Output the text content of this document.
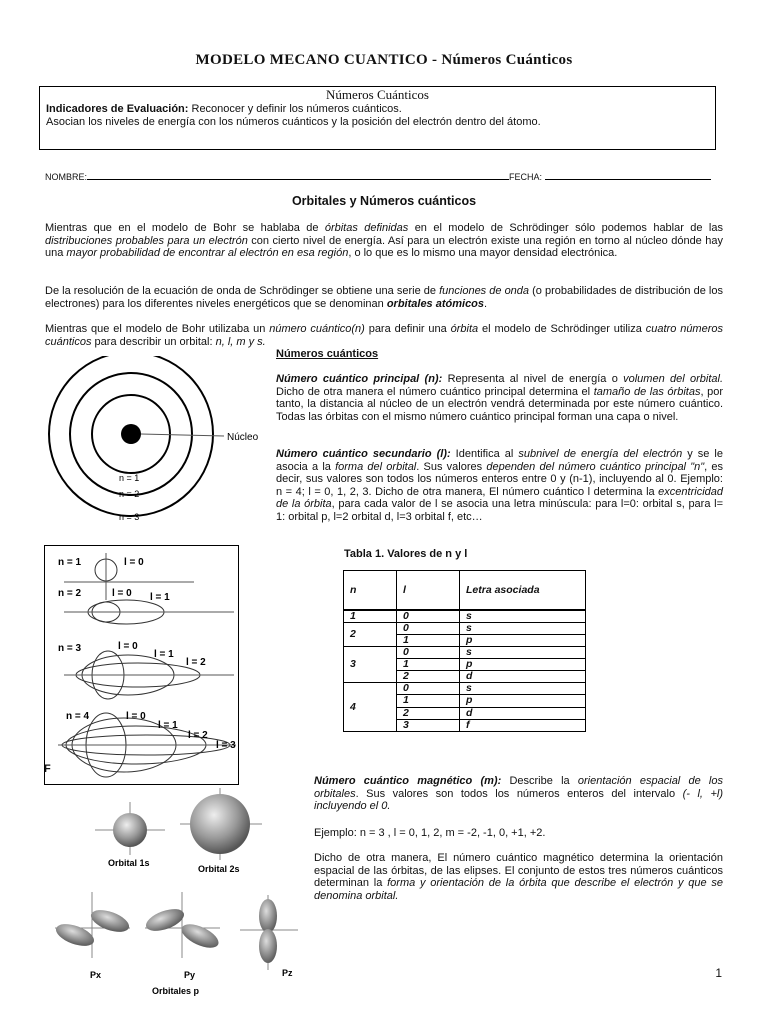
MODELO MECANO CUANTICO - Números Cuánticos
Números Cuánticos
Indicadores de Evaluación: Reconocer y definir los números cuánticos.
Asocian los niveles de energía con los números cuánticos y la posición del electrón dentro del átomo.
NOMBRE:	FECHA:
Orbitales y Números cuánticos
Mientras que en el modelo de Bohr se hablaba de órbitas definidas en el modelo de Schrödinger sólo podemos hablar de las distribuciones probables para un electrón con cierto nivel de energía. Así para un electrón existe una región en torno al núcleo dónde hay una mayor probabilidad de encontrar al electrón en esa región, o lo que es lo mismo una mayor densidad electrónica.
De la resolución de la ecuación de onda de Schrödinger se obtiene una serie de funciones de onda (o probabilidades de distribución de los electrones) para los diferentes niveles energéticos que se denominan orbitales atómicos.
Mientras que el modelo de Bohr utilizaba un número cuántico(n) para definir una órbita el modelo de Schrödinger utiliza cuatro números cuánticos para describir un orbital: n, l, m y s.
Números cuánticos
Número cuántico principal (n): Representa al nivel de energía o volumen del orbital. Dicho de otra manera el número cuántico principal determina el tamaño de las órbitas, por tanto, la distancia al núcleo de un electrón vendrá determinada por este número cuántico. Todas las órbitas con el mismo número cuántico principal forman una capa o nivel.
Número cuántico secundario (l): Identifica al subnivel de energía del electrón y se le asocia a la forma del orbital. Sus valores dependen del número cuántico principal "n", es decir, sus valores son todos los números enteros entre 0 y (n-1), incluyendo al 0. Ejemplo: n = 4; l = 0, 1, 2, 3. Dicho de otra manera, El número cuántico l determina la excentricidad de la órbita, para cada valor de l se asocia una letra minúscula: para l=0: orbital s, para l= 1: orbital p, l=2 orbital d, l=3 orbital f, etc…
Núcleo
n = 1
n = 2
n = 3
n = 1	l = 0
n = 2	l = 0 l = 1
n = 3	l = 0
l = 1
l = 2
n = 4	l = 0
l = 1
l = 2
l = 3
F
Tabla 1. Valores de n y l
n	l	Letra asociada

1	0	s
2	0	s
	1	p
3	0	s
	1	p
	2	d
4	0	s
	1	p
	2	d
	3	f
Orbital 1s
Orbital 2s
Px	Py	Pz
Orbitales p
Número cuántico magnético (m): Describe la orientación espacial de los orbitales. Sus valores son todos los números enteros del intervalo (- l, +l) incluyendo el 0.
Ejemplo: n = 3 , l = 0, 1, 2, m = -2, -1, 0, +1, +2.
Dicho de otra manera, El número cuántico magnético determina la orientación espacial de las órbitas, de las elipses. El conjunto de estos tres números cuánticos determinan la forma y orientación de la órbita que describe el electrón y que se denomina orbital.
1
